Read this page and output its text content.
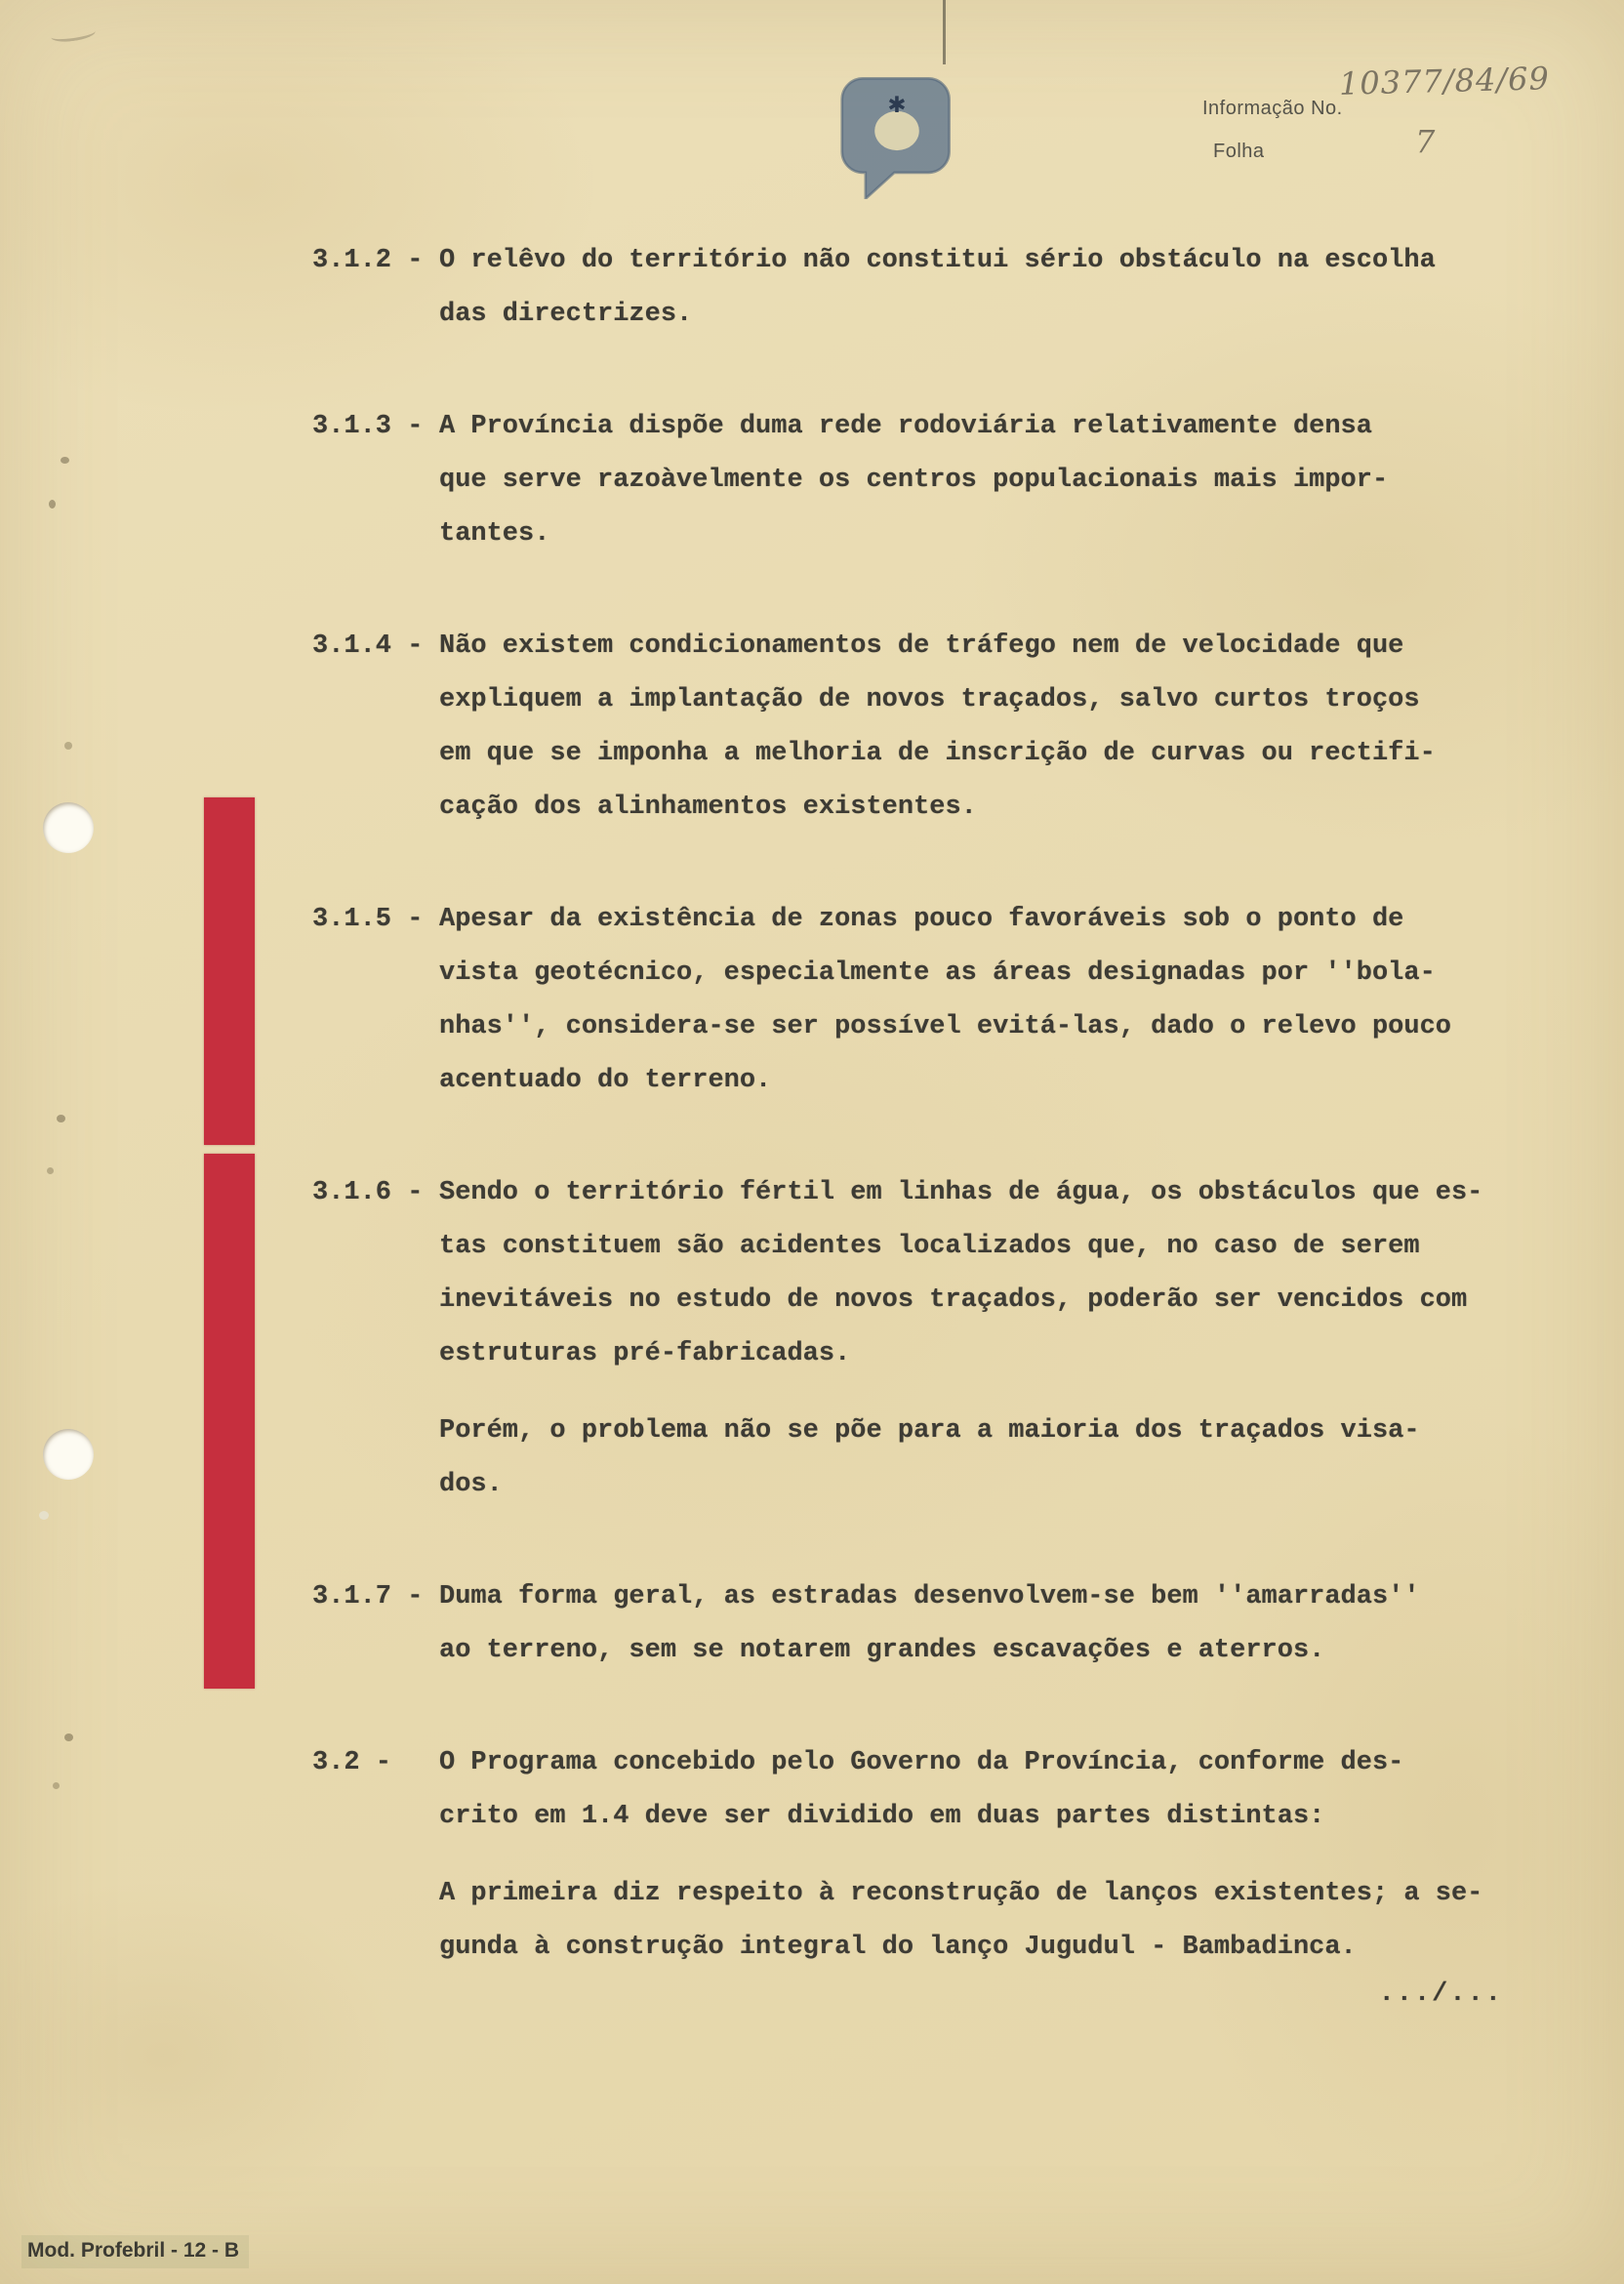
✱	Informação No.
10377/84/69
Folha	7
3.1.2 - O relêvo do território não constitui sério obstáculo na escolha
das directrizes.
3.1.3 - A Província dispõe duma rede rodoviária relativamente densa
que serve razoàvelmente os centros populacionais mais impor-
tantes.
3.1.4 - Não existem condicionamentos de tráfego nem de velocidade que
expliquem a implantação de novos traçados, salvo curtos troços
em que se imponha a melhoria de inscrição de curvas ou rectifi-
cação dos alinhamentos existentes.
3.1.5 - Apesar da existência de zonas pouco favoráveis sob o ponto de
vista geotécnico, especialmente as áreas designadas por ''bola-
nhas'', considera-se ser possível evitá-las, dado o relevo pouco
acentuado do terreno.
3.1.6 - Sendo o território fértil em linhas de água, os obstáculos que es-
tas constituem são acidentes localizados que, no caso de serem
inevitáveis no estudo de novos traçados, poderão ser vencidos com
estruturas pré-fabricadas.
Porém, o problema não se põe para a maioria dos traçados visa-
dos.
3.1.7 - Duma forma geral, as estradas desenvolvem-se bem ''amarradas''
ao terreno, sem se notarem grandes escavações e aterros.
3.2 -	O Programa concebido pelo Governo da Província, conforme des-
crito em 1.4 deve ser dividido em duas partes distintas:
A primeira diz respeito à reconstrução de lanços existentes; a se-
gunda à construção integral do lanço Jugudul - Bambadinca.
.../...
Mod. Profebril - 12 - B
